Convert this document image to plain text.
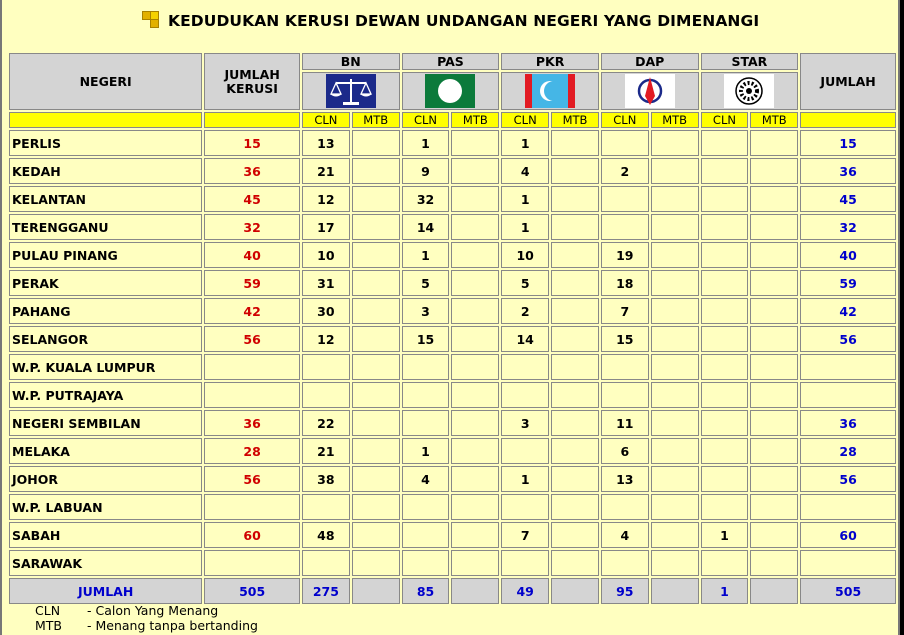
KEDUDUKAN KERUSI DEWAN UNDANGAN NEGERI YANG DIMENANGI
NEGERI	JUMLAH KERUSI	BN		PAS		PKR		DAP		STAR		JUMLAH

		CLN	MTB	CLN	MTB	CLN	MTB	CLN	MTB	CLN	MTB	
PERLIS	15	13		1		1						15
KEDAH	36	21		9		4		2				36
KELANTAN	45	12		32		1						45
TERENGGANU	32	17		14		1						32
PULAU PINANG	40	10		1		10		19				40
PERAK	59	31		5		5		18				59
PAHANG	42	30		3		2		7				42
SELANGOR	56	12		15		14		15				56
W.P. KUALA LUMPUR												
W.P. PUTRAJAYA												
NEGERI SEMBILAN	36	22				3		11				36
MELAKA	28	21		1				6				28
JOHOR	56	38		4		1		13				56
W.P. LABUAN												
SABAH	60	48				7		4		1		60
SARAWAK												
JUMLAH	505	275		85		49		95		1		505
CLN - Calon Yang Menang
MTB - Menang tanpa bertanding
